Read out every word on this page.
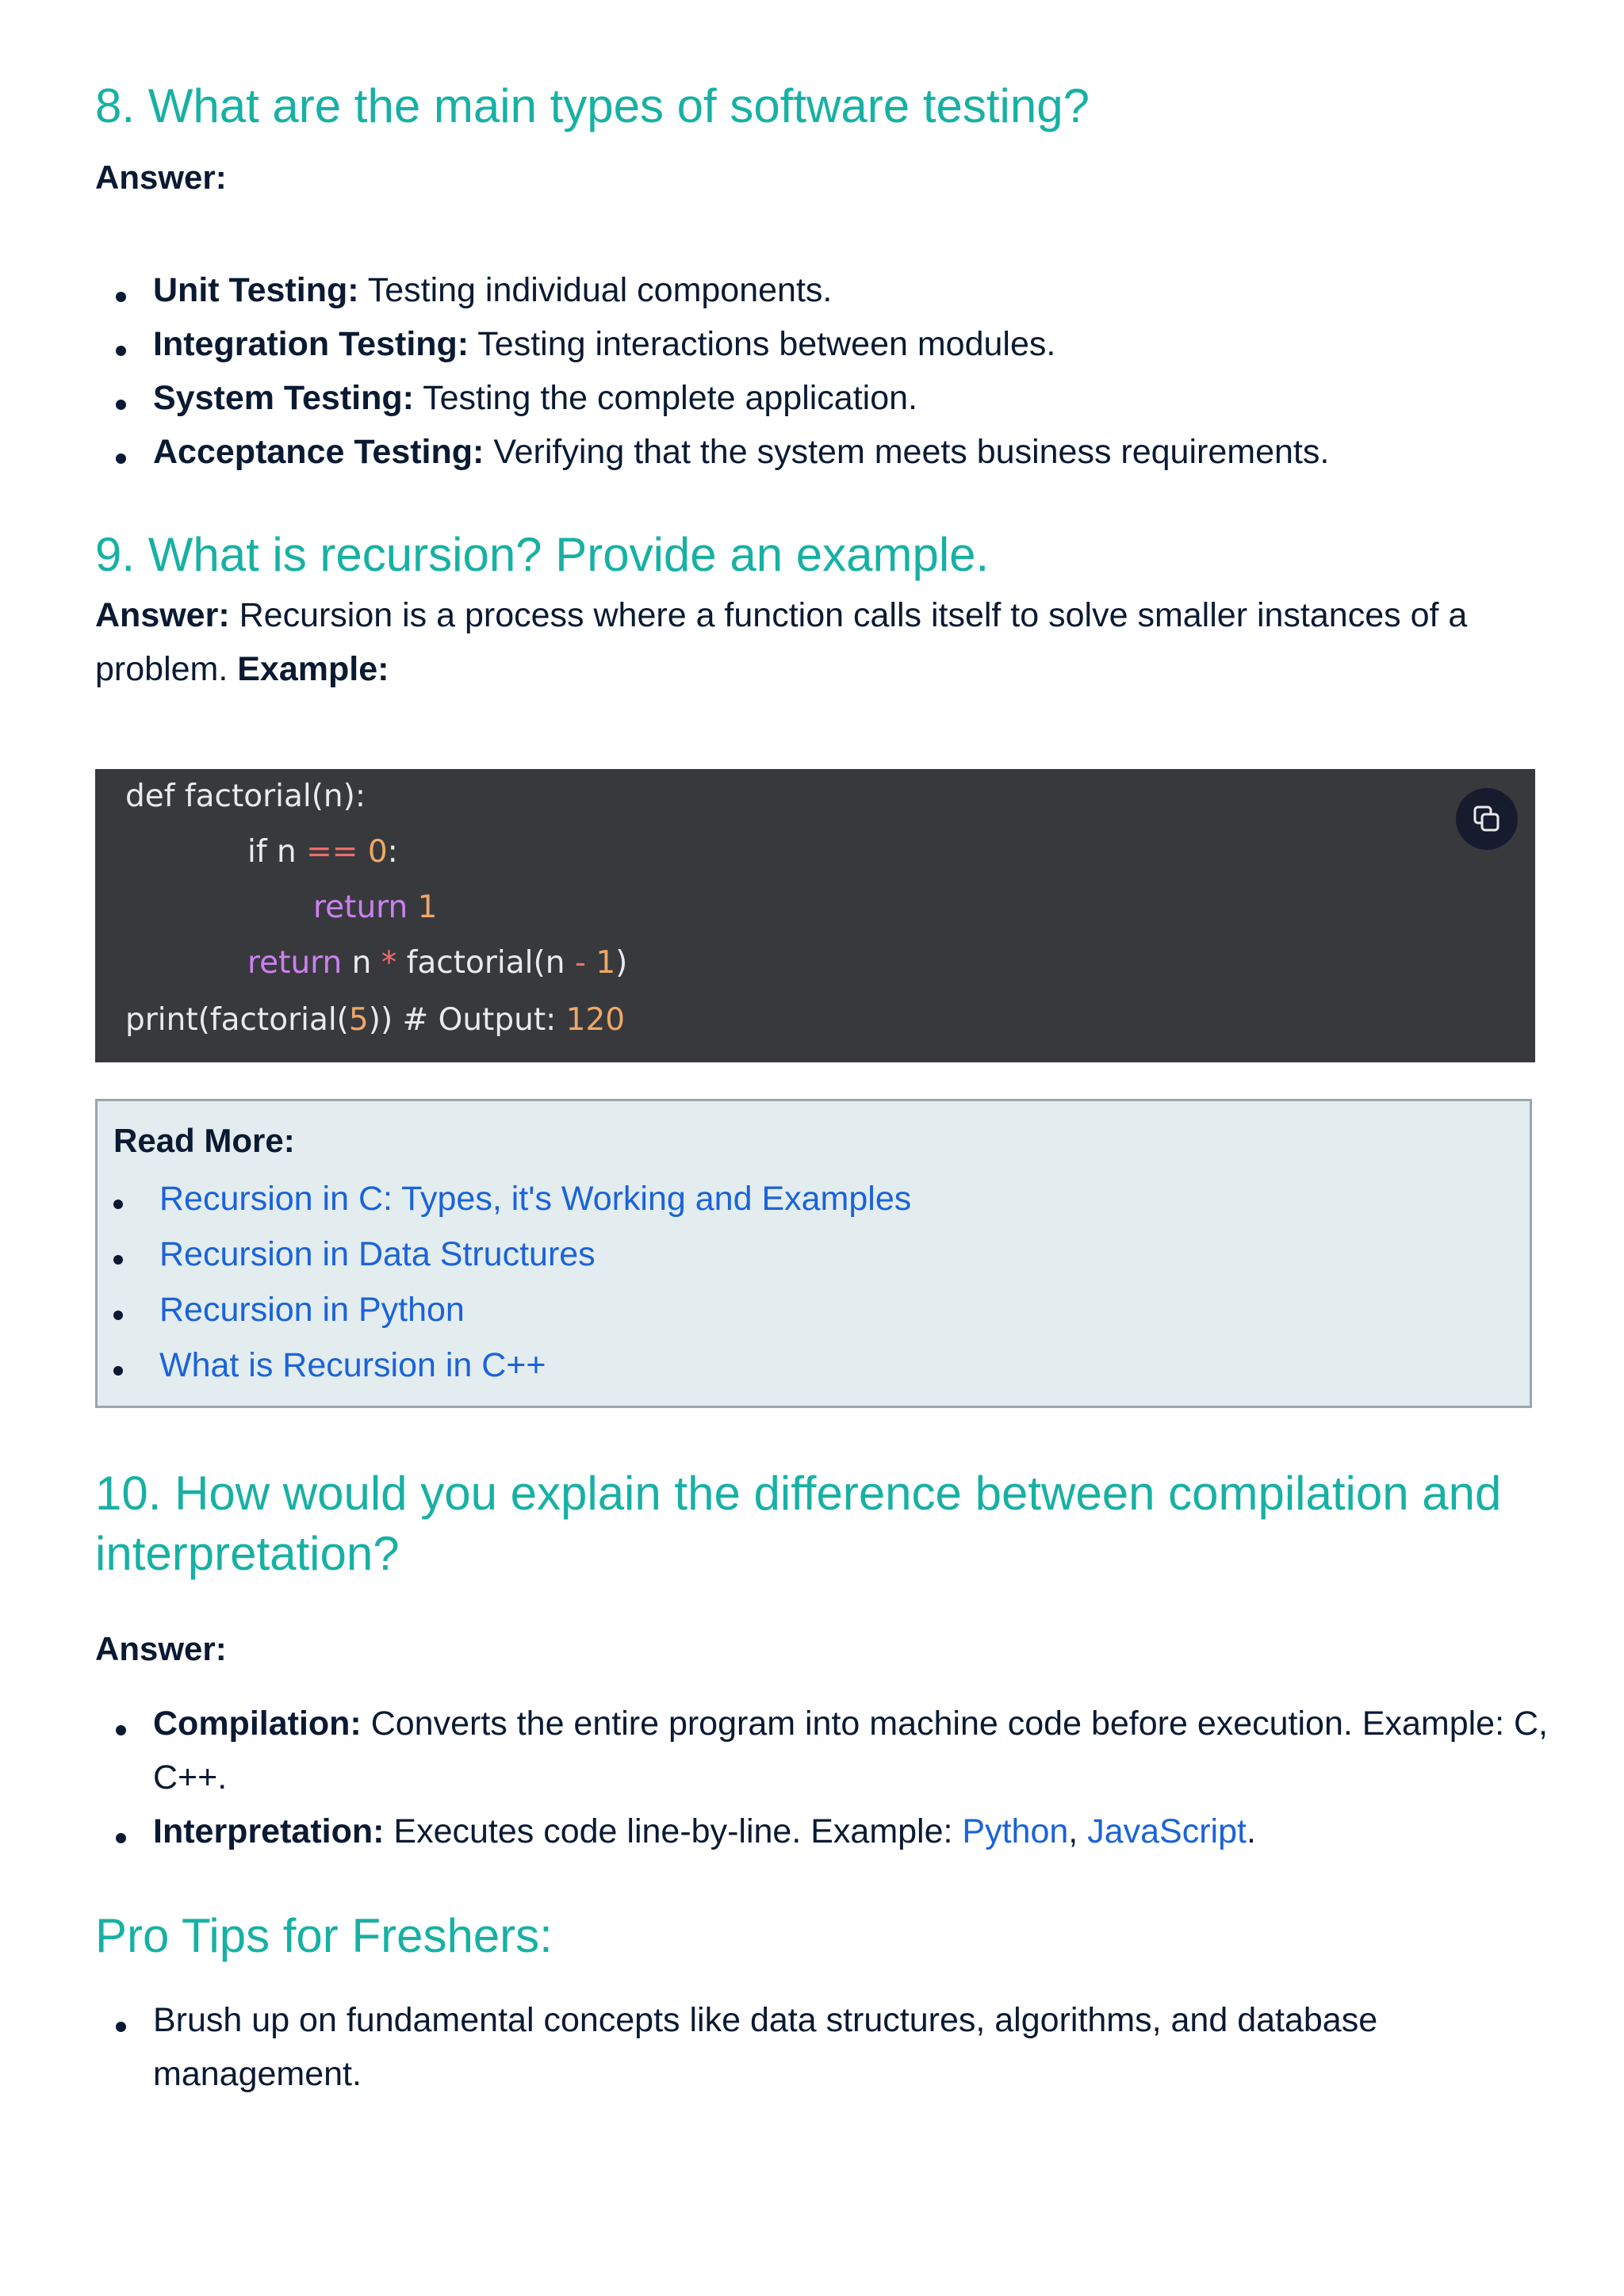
8. What are the main types of software testing?

Answer:

Unit Testing: Testing individual components.
Integration Testing: Testing interactions between modules.
System Testing: Testing the complete application.
Acceptance Testing: Verifying that the system meets business requirements.
9. What is recursion? Provide an example.

Answer: Recursion is a process where a function calls itself to solve smaller instances of a problem. Example:

def factorial(n):
if n == 0:
return 1
return n * factorial(n - 1)
print(factorial(5)) # Output: 120
Read More:
Recursion in C: Types, it's Working and Examples
Recursion in Data Structures
Recursion in Python
What is Recursion in C++
10. How would you explain the difference between compilation and
interpretation?

Answer:

Compilation: Converts the entire program into machine code before execution. Example: C, C++.
Interpretation: Executes code line-by-line. Example: Python, JavaScript.
Pro Tips for Freshers:
Brush up on fundamental concepts like data structures, algorithms, and database management.
